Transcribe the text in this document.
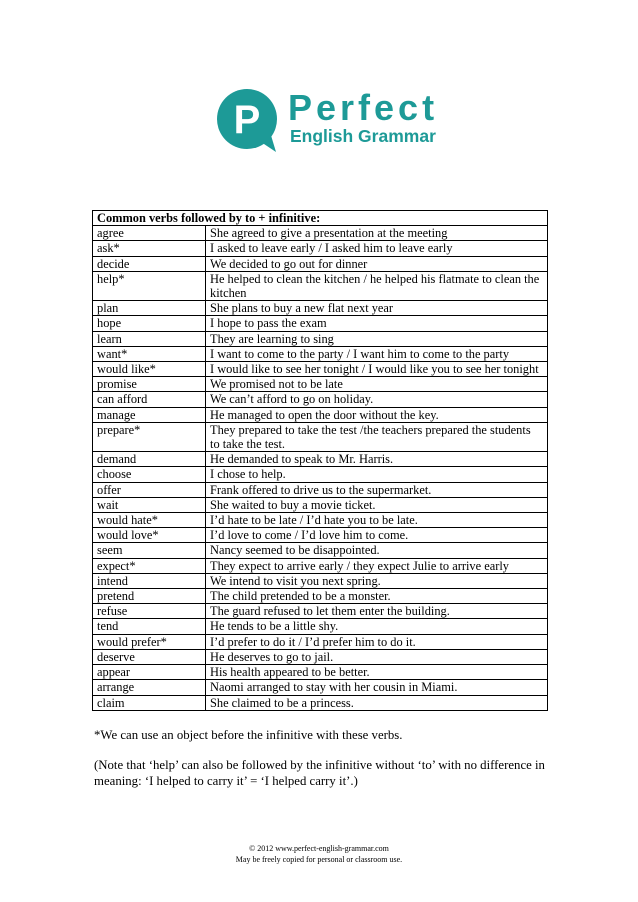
P Perfect
English Grammar
Common verbs followed by to + infinitive:	
agree	She agreed to give a presentation at the meeting
ask*	I asked to leave early / I asked him to leave early
decide	We decided to go out for dinner
help*	He helped to clean the kitchen / he helped his flatmate to clean the kitchen
plan	She plans to buy a new flat next year
hope	I hope to pass the exam
learn	They are learning to sing
want*	I want to come to the party / I want him to come to the party
would like*	I would like to see her tonight / I would like you to see her tonight
promise	We promised not to be late
can afford	We can’t afford to go on holiday.
manage	He managed to open the door without the key.
prepare*	They prepared to take the test /the teachers prepared the students to take the test.
demand	He demanded to speak to Mr. Harris.
choose	I chose to help.
offer	Frank offered to drive us to the supermarket.
wait	She waited to buy a movie ticket.
would hate*	I’d hate to be late / I’d hate you to be late.
would love*	I’d love to come / I’d love him to come.
seem	Nancy seemed to be disappointed.
expect*	They expect to arrive early / they expect Julie to arrive early
intend	We intend to visit you next spring.
pretend	The child pretended to be a monster.
refuse	The guard refused to let them enter the building.
tend	He tends to be a little shy.
would prefer*	I’d prefer to do it / I’d prefer him to do it.
deserve	He deserves to go to jail.
appear	His health appeared to be better.
arrange	Naomi arranged to stay with her cousin in Miami.
claim	She claimed to be a princess.
*We can use an object before the infinitive with these verbs.
(Note that ‘help’ can also be followed by the infinitive without ‘to’ with no difference in meaning: ‘I helped to carry it’ = ‘I helped carry it’.)
© 2012 www.perfect-english-grammar.com
May be freely copied for personal or classroom use.
